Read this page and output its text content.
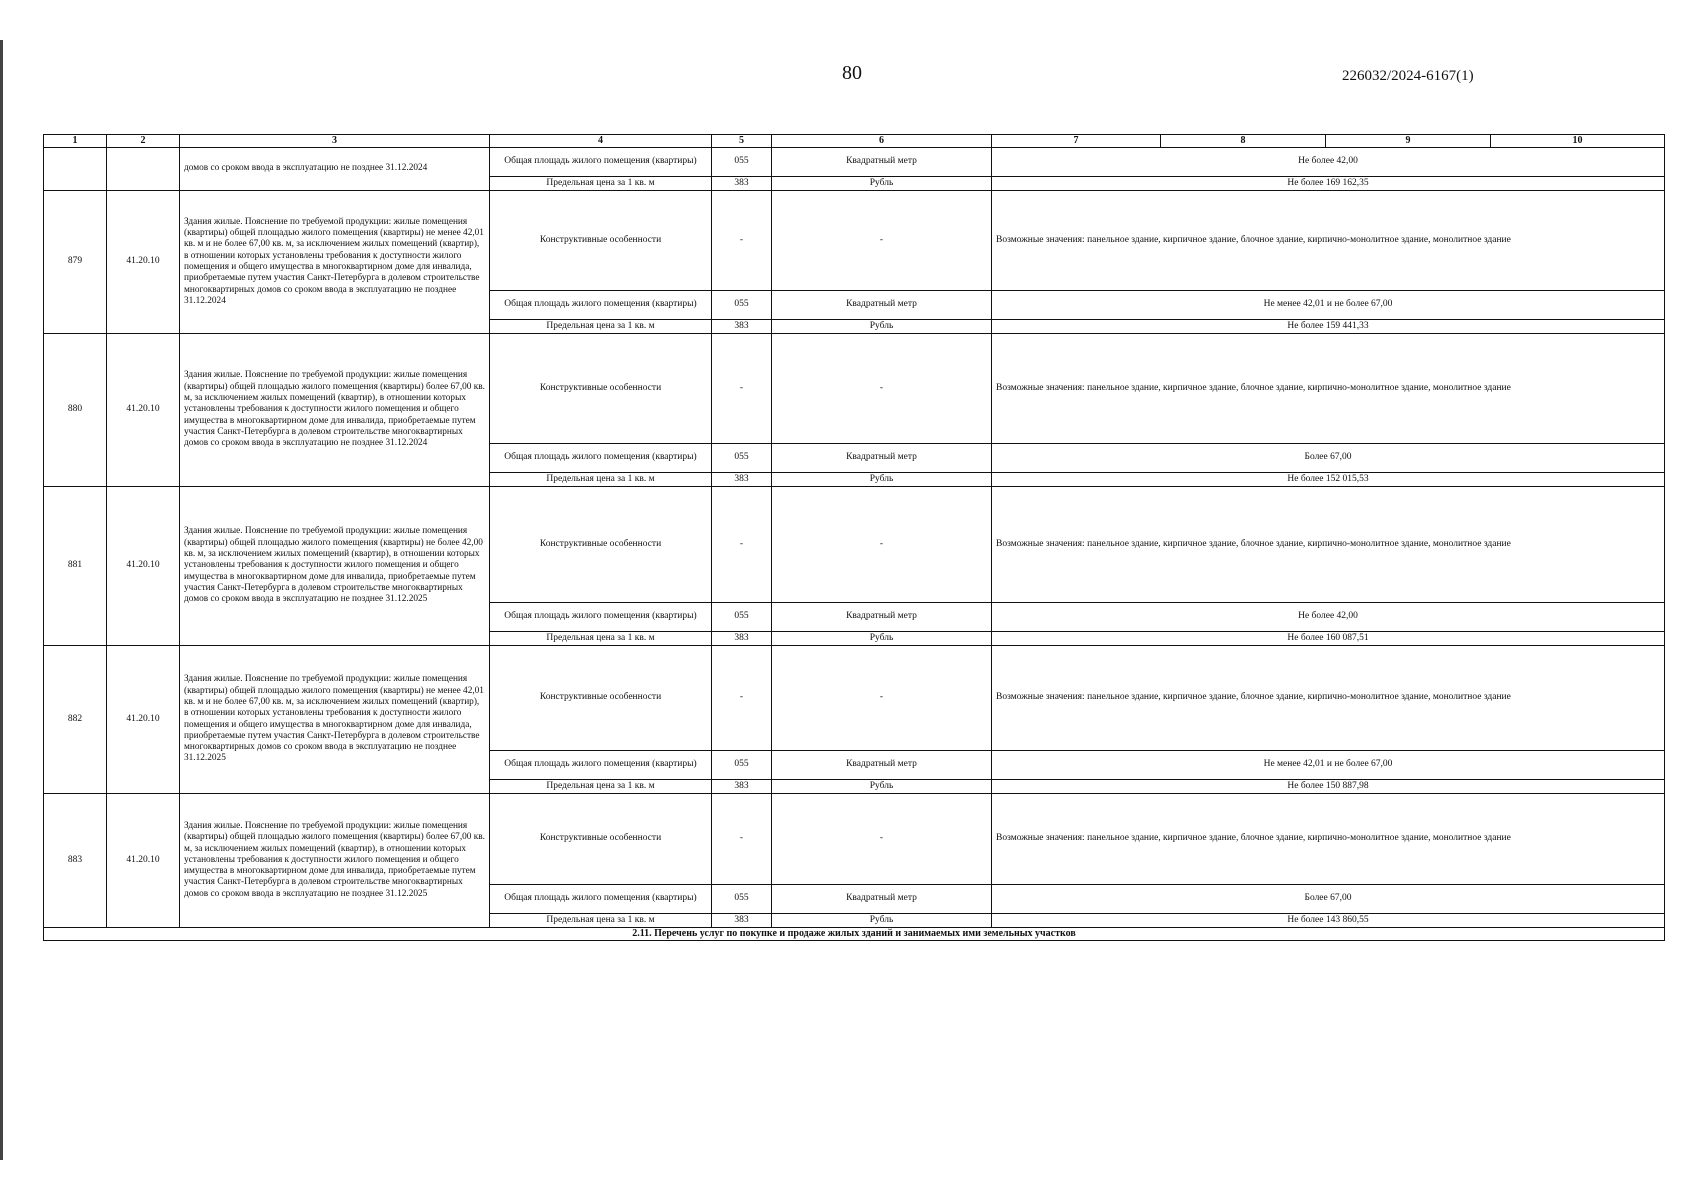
80	226032/2024-6167(1)
1	2	3	4	5	6	7	8	9	10
		домов со сроком ввода в эксплуатацию не позднее 31.12.2024	Общая площадь жилого помещения (квартиры)	055	Квадратный метр	Не более 42,00			
			Предельная цена за 1 кв. м	383	Рубль	Не более 169 162,35			
879	41.20.10	Здания жилые. Пояснение по требуемой продукции: жилые помещения (квартиры) общей площадью жилого помещения (квартиры) не менее 42,01 кв. м и не более 67,00 кв. м, за исключением жилых помещений (квартир), в отношении которых установлены требования к доступности жилого помещения и общего имущества в многоквартирном доме для инвалида, приобретаемые путем участия Санкт-Петербурга в долевом строительстве многоквартирных домов со сроком ввода в эксплуатацию не позднее 31.12.2024	Конструктивные особенности	-	-	Возможные значения: панельное здание, кирпичное здание, блочное здание, кирпично-монолитное здание, монолитное здание			
			Общая площадь жилого помещения (квартиры)	055	Квадратный метр	Не менее 42,01 и не более 67,00			
			Предельная цена за 1 кв. м	383	Рубль	Не более 159 441,33			
880	41.20.10	Здания жилые. Пояснение по требуемой продукции: жилые помещения (квартиры) общей площадью жилого помещения (квартиры) более 67,00 кв. м, за исключением жилых помещений (квартир), в отношении которых установлены требования к доступности жилого помещения и общего имущества в многоквартирном доме для инвалида, приобретаемые путем участия Санкт-Петербурга в долевом строительстве многоквартирных домов со сроком ввода в эксплуатацию не позднее 31.12.2024	Конструктивные особенности	-	-	Возможные значения: панельное здание, кирпичное здание, блочное здание, кирпично-монолитное здание, монолитное здание			
			Общая площадь жилого помещения (квартиры)	055	Квадратный метр	Более 67,00			
			Предельная цена за 1 кв. м	383	Рубль	Не более 152 015,53			
881	41.20.10	Здания жилые. Пояснение по требуемой продукции: жилые помещения (квартиры) общей площадью жилого помещения (квартиры) не более 42,00 кв. м, за исключением жилых помещений (квартир), в отношении которых установлены требования к доступности жилого помещения и общего имущества в многоквартирном доме для инвалида, приобретаемые путем участия Санкт-Петербурга в долевом строительстве многоквартирных домов со сроком ввода в эксплуатацию не позднее 31.12.2025	Конструктивные особенности	-	-	Возможные значения: панельное здание, кирпичное здание, блочное здание, кирпично-монолитное здание, монолитное здание			
			Общая площадь жилого помещения (квартиры)	055	Квадратный метр	Не более 42,00			
			Предельная цена за 1 кв. м	383	Рубль	Не более 160 087,51			
882	41.20.10	Здания жилые. Пояснение по требуемой продукции: жилые помещения (квартиры) общей площадью жилого помещения (квартиры) не менее 42,01 кв. м и не более 67,00 кв. м, за исключением жилых помещений (квартир), в отношении которых установлены требования к доступности жилого помещения и общего имущества в многоквартирном доме для инвалида, приобретаемые путем участия Санкт-Петербурга в долевом строительстве многоквартирных домов со сроком ввода в эксплуатацию не позднее 31.12.2025	Конструктивные особенности	-	-	Возможные значения: панельное здание, кирпичное здание, блочное здание, кирпично-монолитное здание, монолитное здание			
			Общая площадь жилого помещения (квартиры)	055	Квадратный метр	Не менее 42,01 и не более 67,00			
			Предельная цена за 1 кв. м	383	Рубль	Не более 150 887,98			
883	41.20.10	Здания жилые. Пояснение по требуемой продукции: жилые помещения (квартиры) общей площадью жилого помещения (квартиры) более 67,00 кв. м, за исключением жилых помещений (квартир), в отношении которых установлены требования к доступности жилого помещения и общего имущества в многоквартирном доме для инвалида, приобретаемые путем участия Санкт-Петербурга в долевом строительстве многоквартирных домов со сроком ввода в эксплуатацию не позднее 31.12.2025	Конструктивные особенности	-	-	Возможные значения: панельное здание, кирпичное здание, блочное здание, кирпично-монолитное здание, монолитное здание			
			Общая площадь жилого помещения (квартиры)	055	Квадратный метр	Более 67,00			
			Предельная цена за 1 кв. м	383	Рубль	Не более 143 860,55			
2.11. Перечень услуг по покупке и продаже жилых зданий и занимаемых ими земельных участков									
